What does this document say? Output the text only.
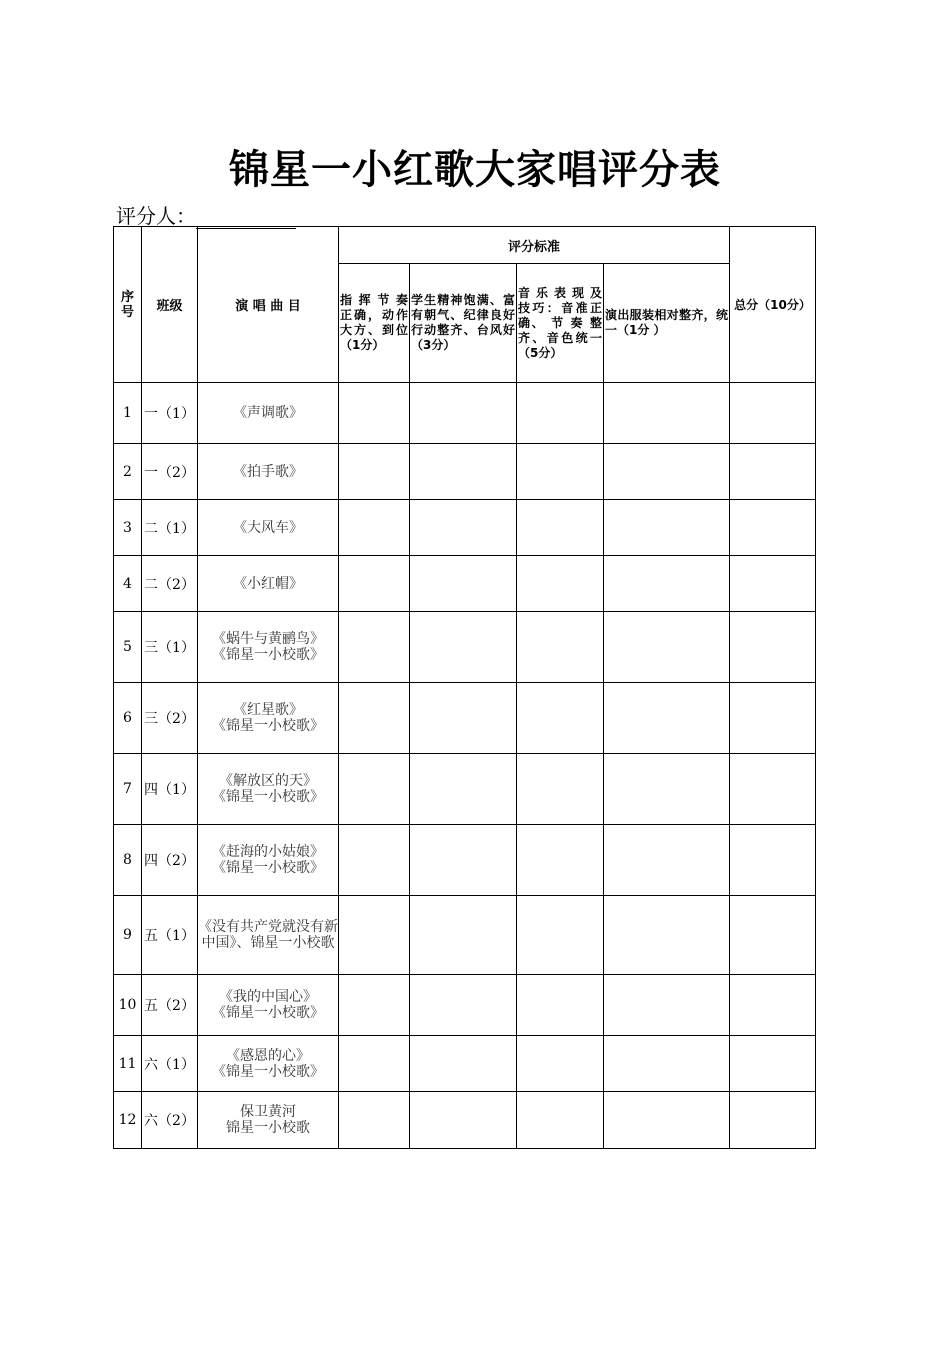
锦星一小红歌大家唱评分表
评分人：
序号	班级	演 唱 曲 目	评分标准				总分（10分）
			指 挥 节 奏正确，动作大方、到位（1分）	学生精神饱满、富有朝气、纪律良好行动整齐、台风好 （3分）	音 乐 表 现 及技巧：音准正确、 节 奏 整齐、音色统一（5分）	演出服装相对整齐，统一（1分 ）	
1	一（1）	《声调歌》					
2	一（2）	《拍手歌》					
3	二（1）	《大风车》					
4	二（2）	《小红帽》					
5	三（1）	《蜗牛与黄鹂鸟》
《锦星一小校歌》					
6	三（2）	《红星歌》
《锦星一小校歌》					
7	四（1）	《解放区的天》
《锦星一小校歌》					
8	四（2）	《赶海的小姑娘》
《锦星一小校歌》					
9	五（1）	《没有共产党就没有新中国》、锦星一小校歌					
10	五（2）	《我的中国心》
《锦星一小校歌》					
11	六（1）	《感恩的心》
《锦星一小校歌》					
12	六（2）	保卫黄河
锦星一小校歌					
